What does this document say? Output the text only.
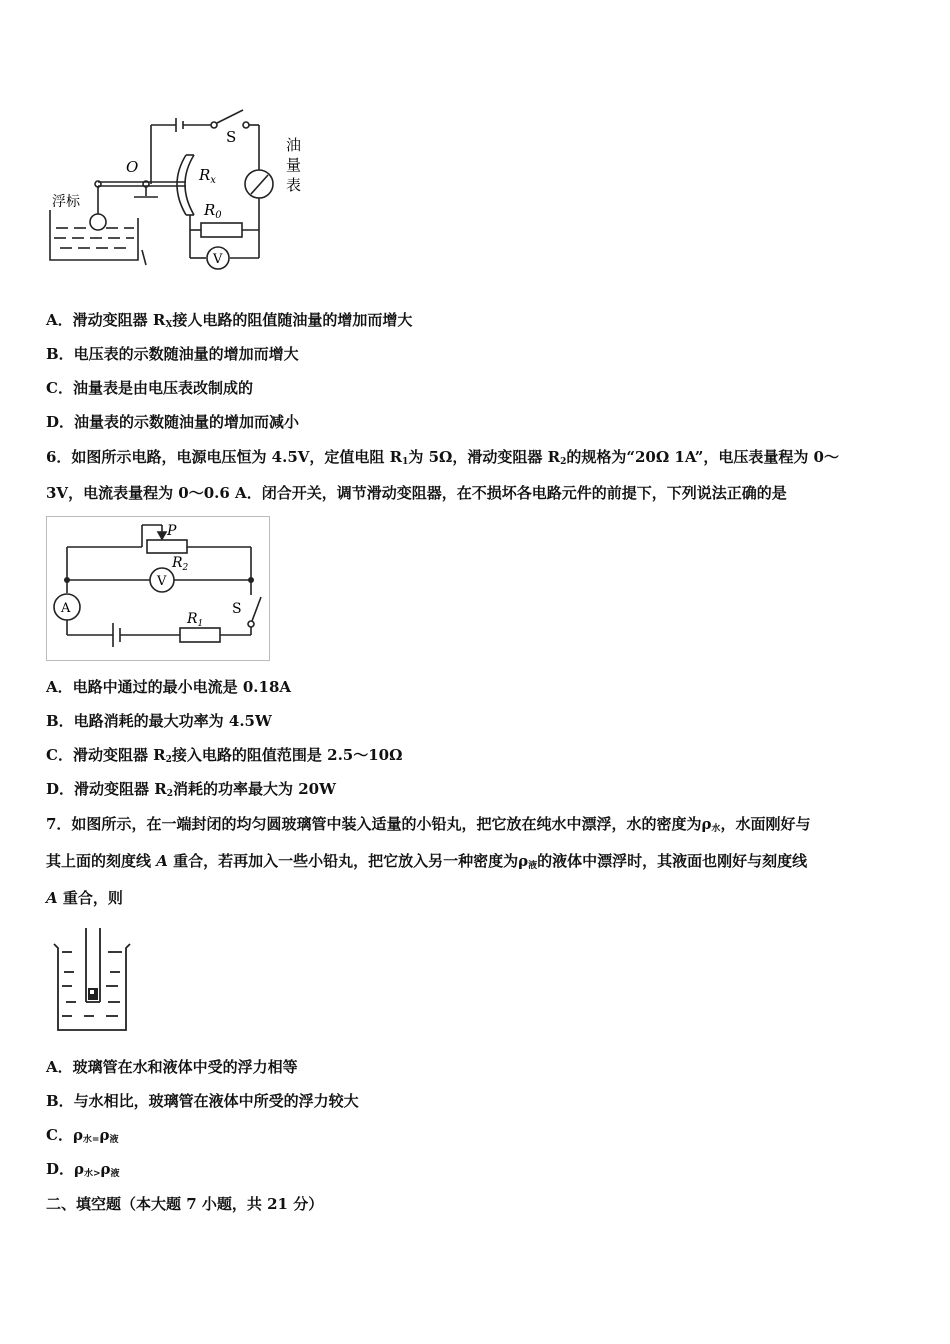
浮标
O
S
$R_x$
$R_0$
V
油
量
表
A．滑动变阻器 $R_X$接人电路的阻值随油量的增加而增大
B．电压表的示数随油量的增加而增大
C．油量表是由电压表改制成的
D．油量表的示数随油量的增加而减小
6．如图所示电路，电源电压恒为 4.5V，定值电阻 $R_1$为 5Ω，滑动变阻器 $R_2$的规格为“20Ω 1A”，电压表量程为 0～
3V，电流表量程为 0～0.6 A．闭合开关，调节滑动变阻器，在不损坏各电路元件的前提下，下列说法正确的是
P
$R_2$
V
A	S
$R_1$
A．电路中通过的最小电流是 0.18A
B．电路消耗的最大功率为 4.5W
C．滑动变阻器 $R_2$接入电路的阻值范围是 2.5～10Ω
D．滑动变阻器 $R_2$消耗的功率最大为 20W
7．如图所示，在一端封闭的均匀圆玻璃管中装入适量的小铅丸，把它放在纯水中漂浮，水的密度为$\rho_水$，水面刚好与
其上面的刻度线 A 重合，若再加入一些小铅丸，把它放入另一种密度为$\rho_液$的液体中漂浮时，其液面也刚好与刻度线
A 重合，则
A．玻璃管在水和液体中受的浮力相等
B．与水相比，玻璃管在液体中所受的浮力较大
C．$\rho_{水=}\rho_液$
D．$\rho_{水>}\rho_液$
二、填空题（本大题 7 小题，共 21 分）
